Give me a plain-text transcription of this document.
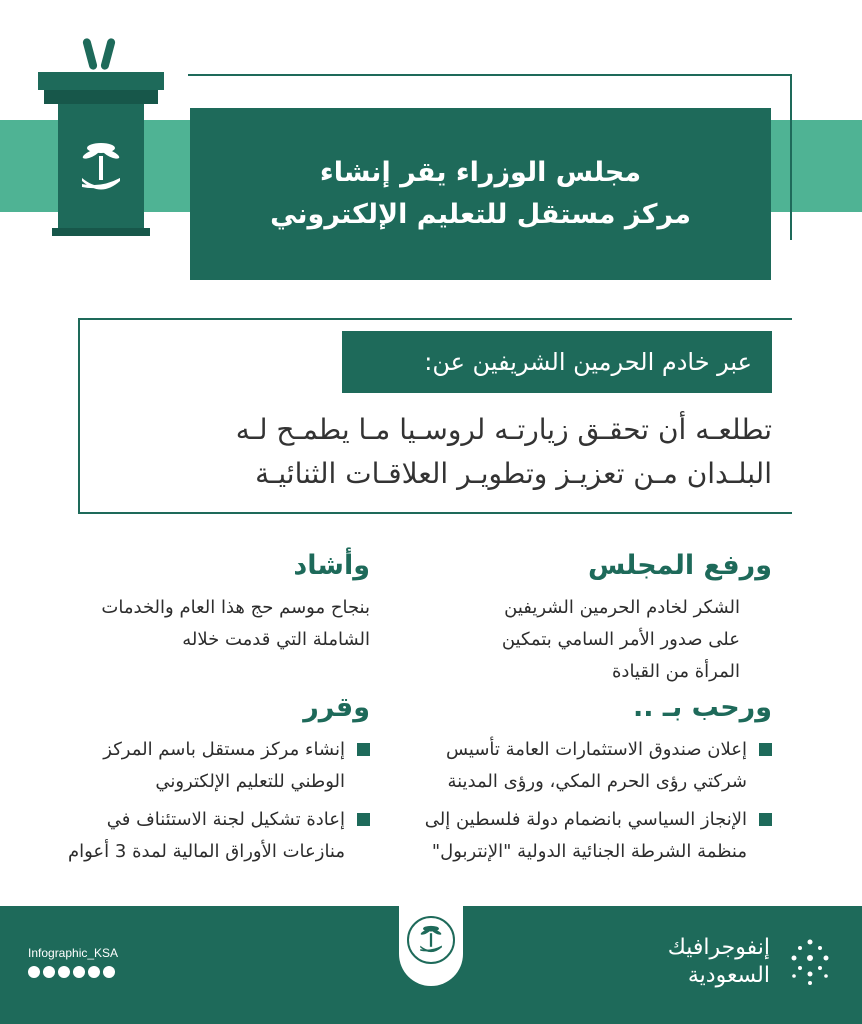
مجلس الوزراء يقر إنشاء
مركز مستقل للتعليم الإلكتروني
عبر خادم الحرمين الشريفين عن:
تطلعـه أن تحقـق زيارتـه لروسـيا مـا يطمـح لـه
البلـدان مـن تعزيـز وتطويـر العلاقـات الثنائيـة
ورفع المجلس

الشكر لخادم الحرمين الشريفين

على صدور الأمر السامي بتمكين

المرأة من القيادة

ورحب بـ ..
إعلان صندوق الاستثمارات العامة تأسيس
شركتي رؤى الحرم المكي، ورؤى المدينة
الإنجاز السياسي بانضمام دولة فلسطين إلى
منظمة الشرطة الجنائية الدولية "الإنتربول"
وأشاد

بنجاح موسم حج هذا العام والخدمات

الشاملة التي قدمت خلاله

وقرر
إنشاء مركز مستقل باسم المركز
الوطني للتعليم الإلكتروني
إعادة تشكيل لجنة الاستئناف في
منازعات الأوراق المالية لمدة 3 أعوام
Infographic_KSA	إنفوجرافيك
السعودية
